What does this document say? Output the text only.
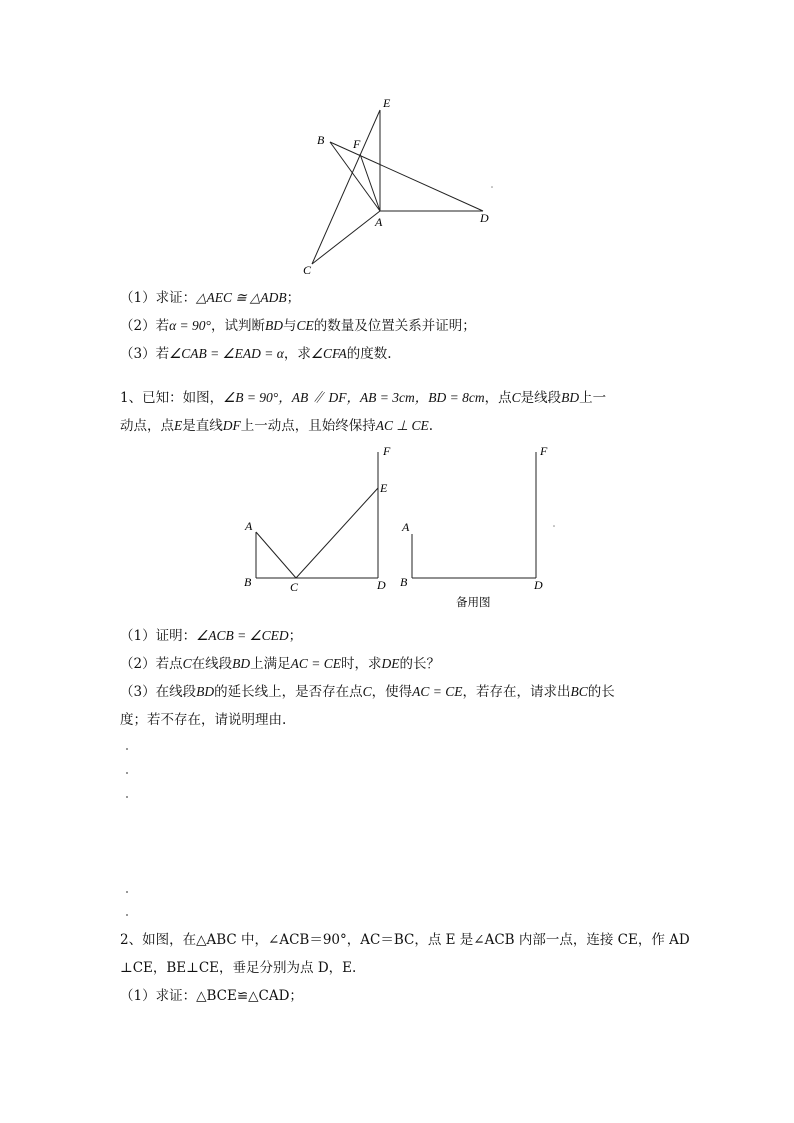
E
B F
A	D
C
（1）求证：△AEC ≅ △ADB；
（2）若α = 90°，试判断BD与CE的数量及位置关系并证明；
（3）若∠CAB = ∠EAD = α，求∠CFA的度数.
1、已知：如图，∠B = 90°，AB ∥ DF，AB = 3cm，BD = 8cm，点C是线段BD上一
动点，点E是直线DF上一动点，且始终保持AC ⊥ CE.
F
E
A
B	C	D
F
A
B	D
备用图
（1）证明：∠ACB = ∠CED；
（2）若点C在线段BD上满足AC = CE时，求DE的长？
（3）在线段BD的延长线上，是否存在点C，使得AC = CE，若存在，请求出BC的长
度；若不存在，请说明理由.
2、如图，在△ABC 中，∠ACB＝90°，AC＝BC，点 E 是∠ACB 内部一点，连接 CE，作 AD
⊥CE，BE⊥CE，垂足分别为点 D，E.
（1）求证：△BCE≌△CAD；
